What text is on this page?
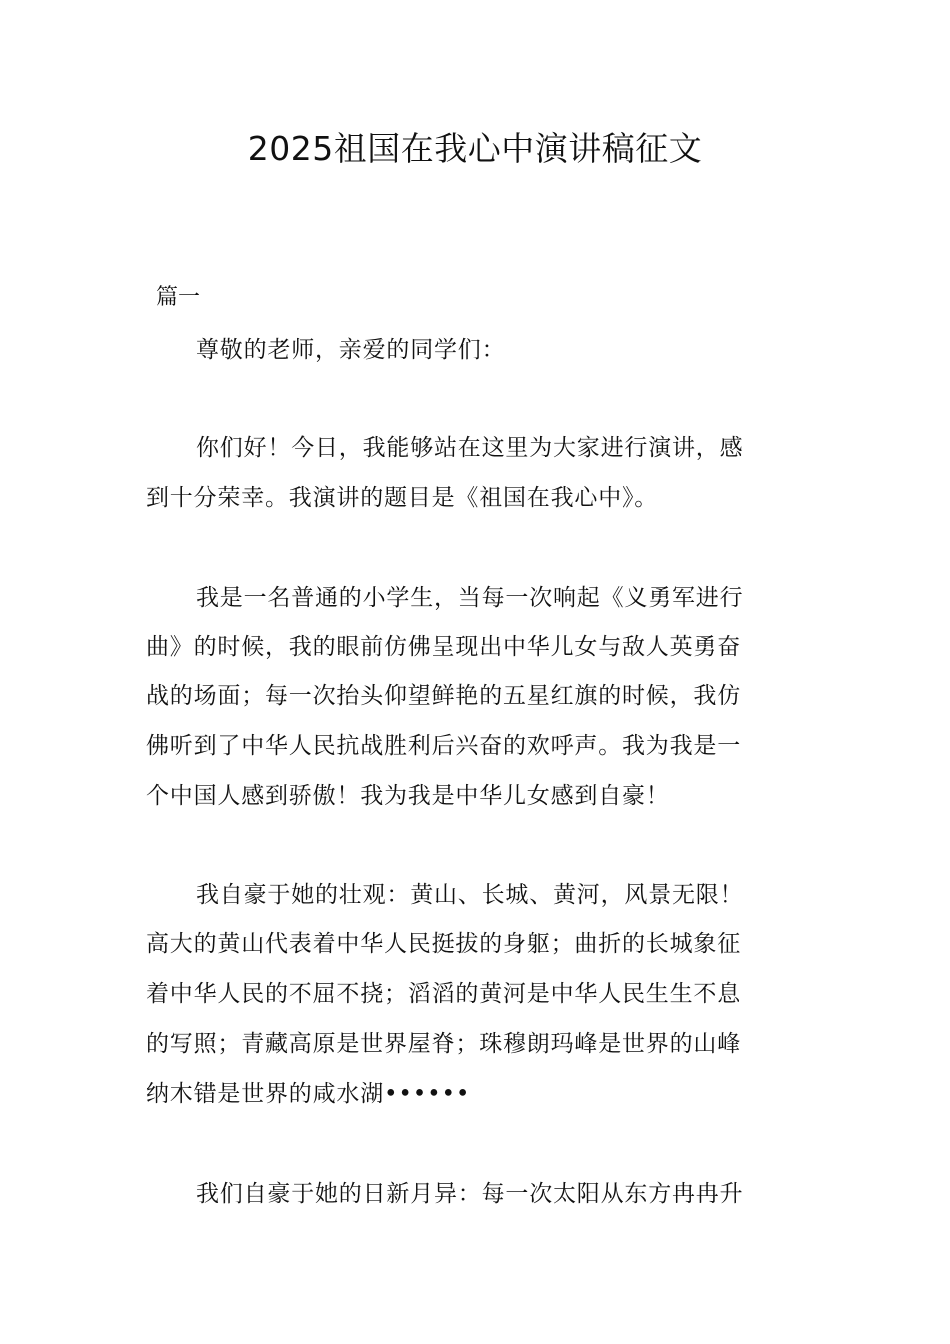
2025祖国在我心中演讲稿征文
篇一
尊敬的老师，亲爱的同学们：
你们好！今日，我能够站在这里为大家进行演讲，感
到十分荣幸。我演讲的题目是《祖国在我心中》。
我是一名普通的小学生，当每一次响起《义勇军进行
曲》的时候，我的眼前仿佛呈现出中华儿女与敌人英勇奋
战的场面；每一次抬头仰望鲜艳的五星红旗的时候，我仿
佛听到了中华人民抗战胜利后兴奋的欢呼声。我为我是一
个中国人感到骄傲！我为我是中华儿女感到自豪！
我自豪于她的壮观：黄山、长城、黄河，风景无限！
高大的黄山代表着中华人民挺拔的身躯；曲折的长城象征
着中华人民的不屈不挠；滔滔的黄河是中华人民生生不息
的写照；青藏高原是世界屋脊；珠穆朗玛峰是世界的山峰
纳木错是世界的咸水湖••••••
我们自豪于她的日新月异：每一次太阳从东方冉冉升
